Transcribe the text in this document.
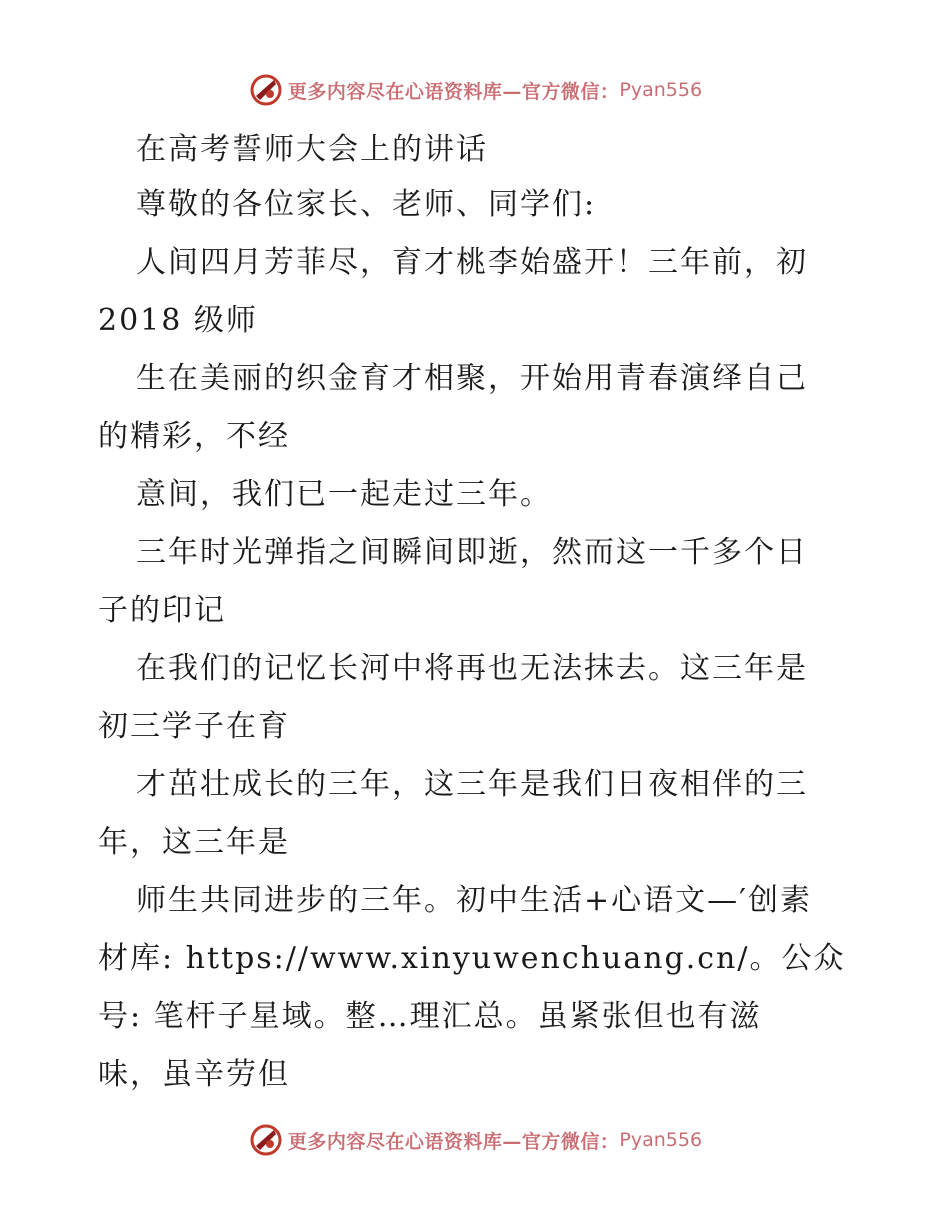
更多内容尽在心语资料库—官方微信： Pyan556
在高考誓师大会上的讲话
尊敬的各位家长、老师、同学们:
人间四月芳菲尽，育才桃李始盛开！三年前，初
2018 级师
生在美丽的织金育才相聚，开始用青春演绎自己
的精彩，不经
意间，我们已一起走过三年。
三年时光弹指之间瞬间即逝，然而这一千多个日
子的印记
在我们的记忆长河中将再也无法抹去。这三年是
初三学子在育
才茁壮成长的三年，这三年是我们日夜相伴的三
年，这三年是
师生共同进步的三年。初中生活+心语文—′创素
材库: https://www.xinyuwenchuang.cn/。公众
号: 笔杆子星域。整…理汇总。虽紧张但也有滋
味，虽辛劳但
更多内容尽在心语资料库—官方微信： Pyan556
